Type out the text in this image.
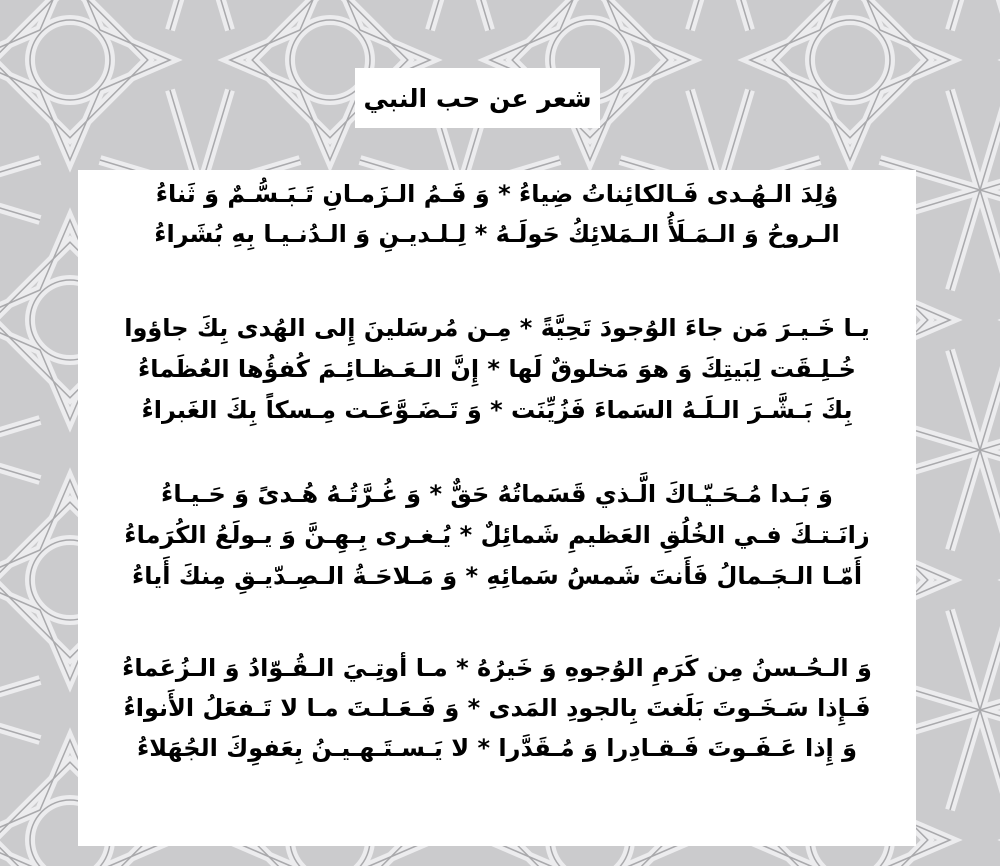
شعر عن حب النبي
وُلِدَ الـهُـدى فَـالكائِناتُ ضِياءُ * وَ فَـمُ الـزَمـانِ تَـبَـسُّـمٌ وَ ثَناءُ
الـروحُ وَ الـمَـلَأُ الـمَلائِكُ حَولَـهُ * لِـلـديـنِ وَ الـدُنـيـا بِهِ بُشَراءُ
يـا خَـيـرَ مَن جاءَ الوُجودَ تَحِيَّةً * مِـن مُرسَلينَ إِلى الهُدى بِكَ جاؤوا
خُـلِـقَت لِبَيتِكَ وَ هوَ مَخلوقٌ لَها * إِنَّ الـعَـظـائِـمَ كُفؤُها العُظَماءُ
بِكَ بَـشَّـرَ الـلَـهُ السَماءَ فَزُيِّنَت * وَ تَـضَـوَّعَـت مِـسكاً بِكَ الغَبراءُ
وَ بَـدا مُـحَـيّـاكَ الَّـذي قَسَماتُهُ حَقٌّ * وَ غُـرَّتُـهُ هُـدىً وَ حَـيـاءُ
زانَـتـكَ فـي الخُلُقِ العَظيمِ شَمائِلٌ * يُـغـرى بِـهِـنَّ وَ يـولَعُ الكُرَماءُ
أَمّـا الـجَـمالُ فَأَنتَ شَمسُ سَمائِهِ * وَ مَـلاحَـةُ الـصِـدّيـقِ مِنكَ أَياءُ
وَ الـحُـسنُ مِن كَرَمِ الوُجوهِ وَ خَيرُهُ * مـا أوتِـيَ الـقُـوّادُ وَ الـزُعَماءُ
فَـإِذا سَـخَـوتَ بَلَغتَ بِالجودِ المَدى * وَ فَـعَـلـتَ مـا لا تَـفعَلُ الأَنواءُ
وَ إِذا عَـفَـوتَ فَـقـادِرا وَ مُـقَدَّرا * لا يَـسـتَـهـيـنُ بِعَفوِكَ الجُهَلاءُ
